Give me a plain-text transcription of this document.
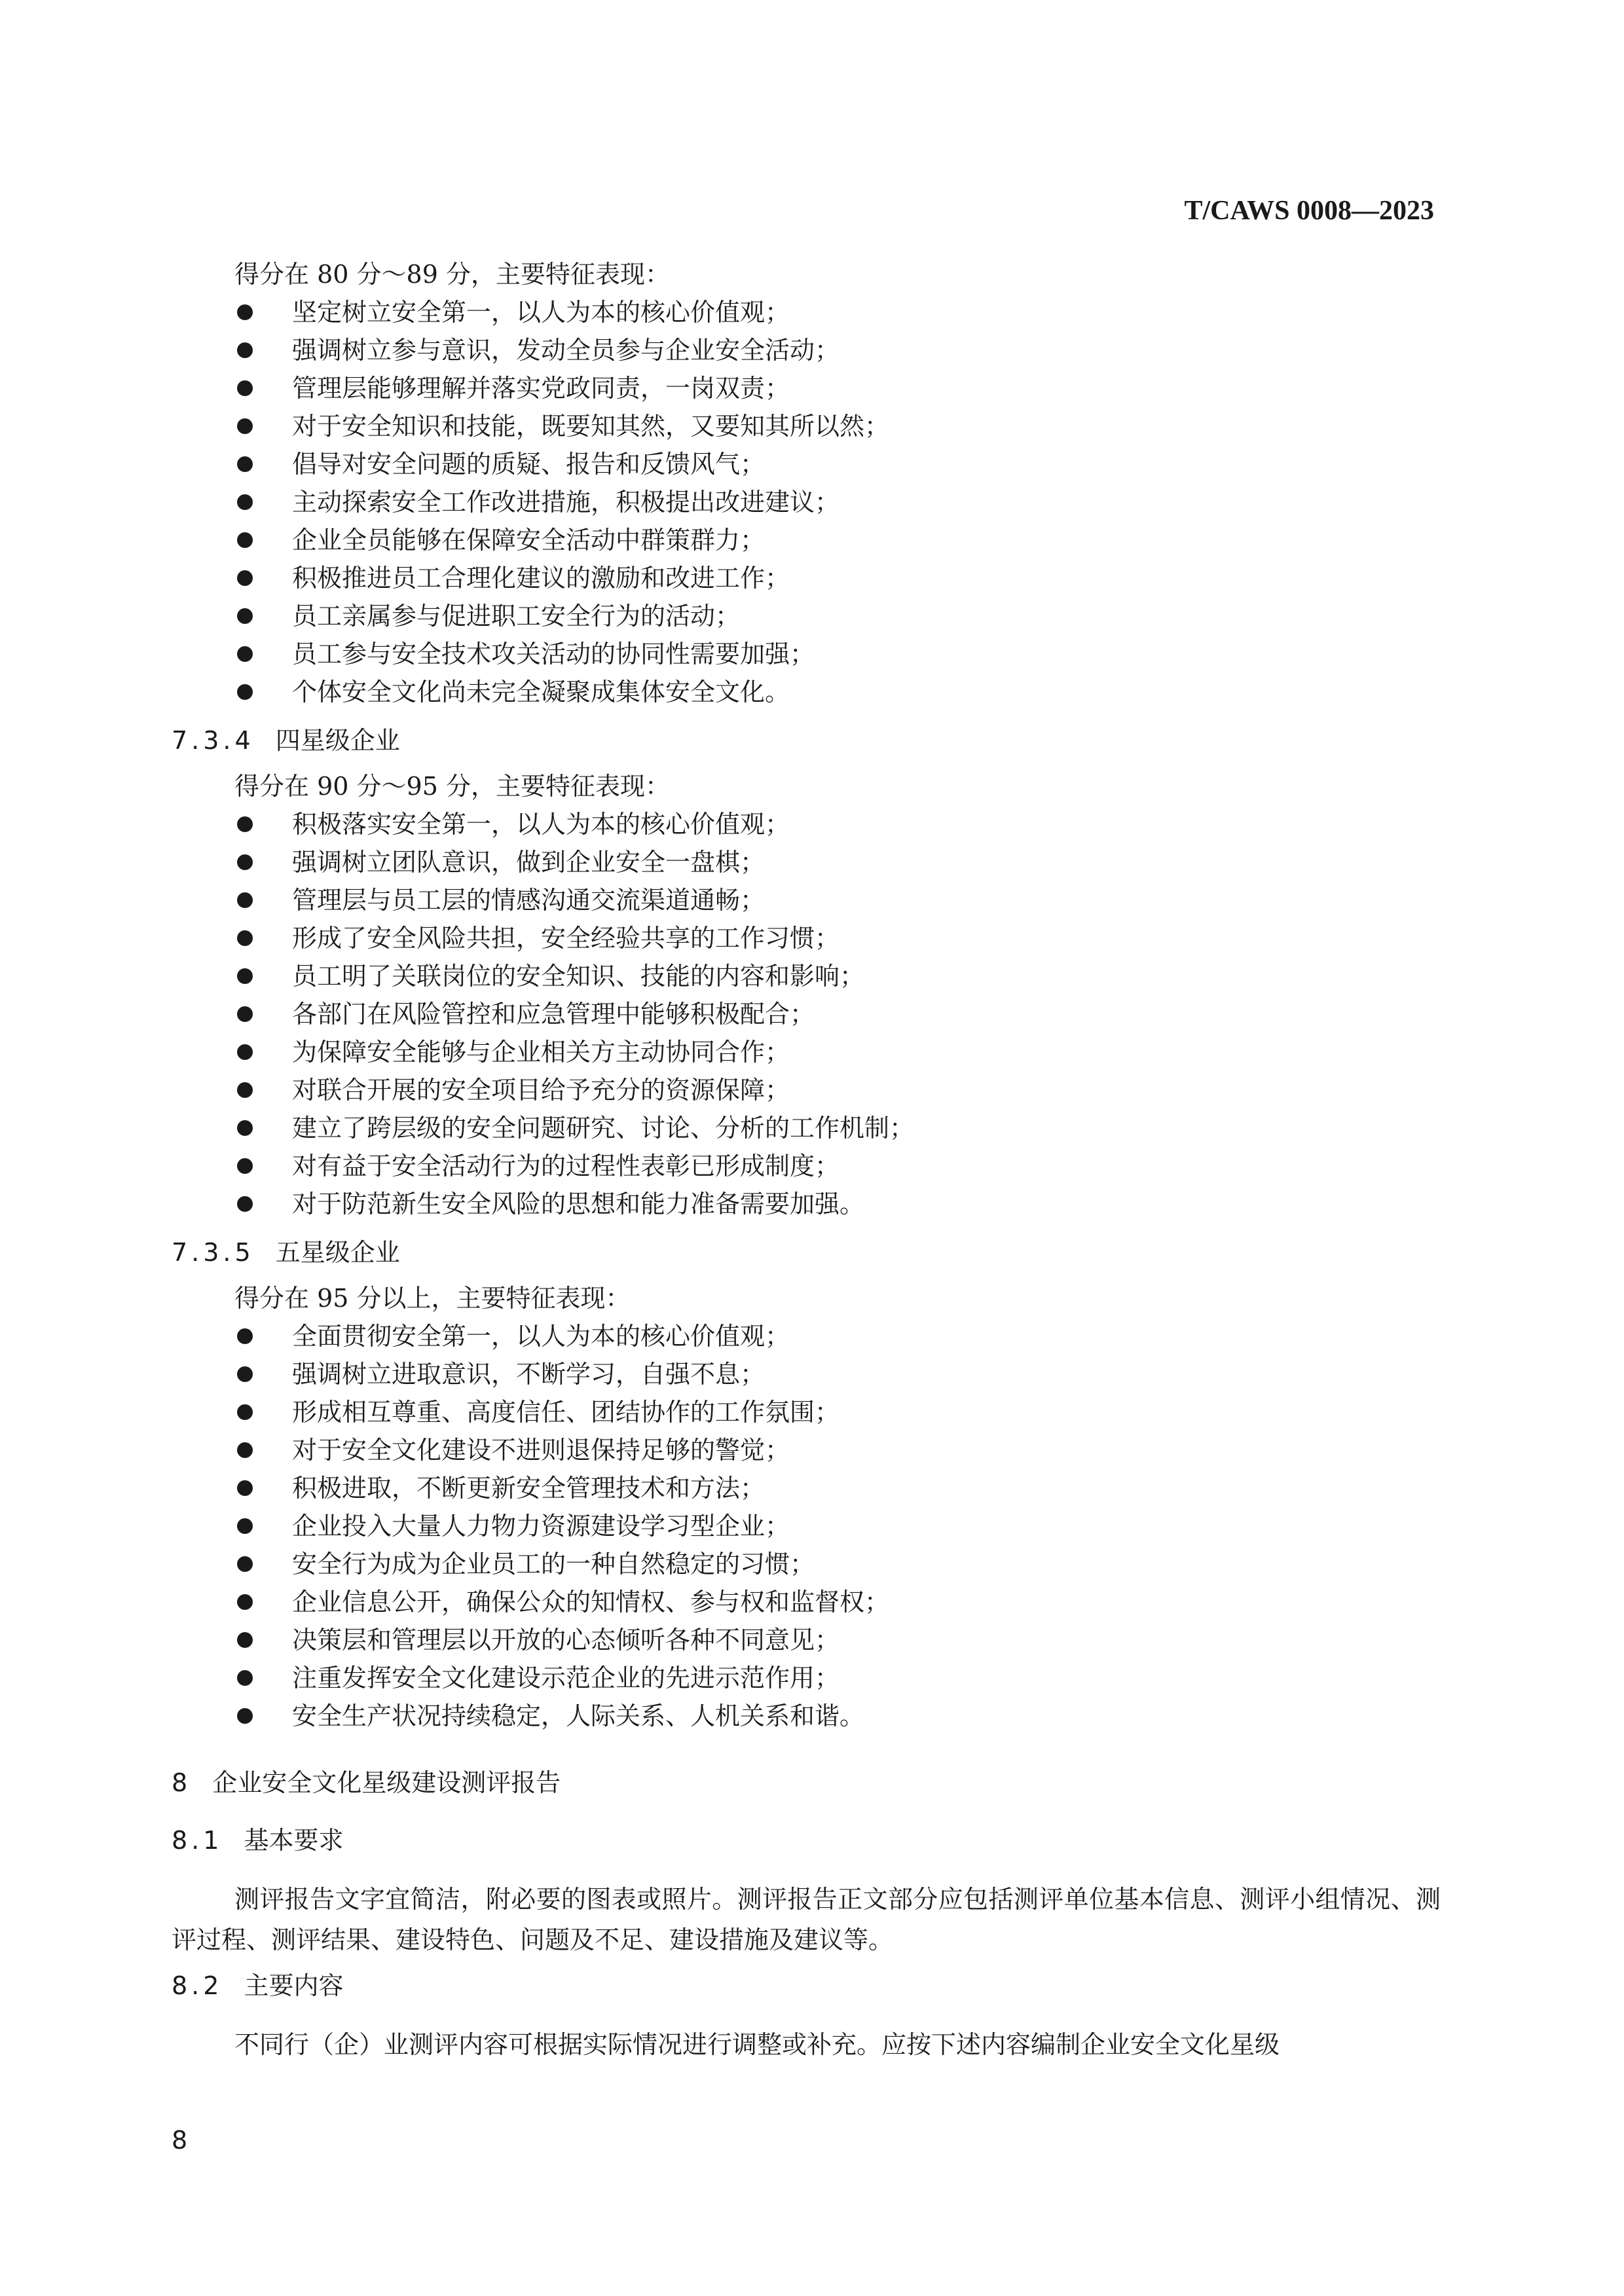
T/CAWS 0008—2023

得分在 80 分～89 分，主要特征表现：

坚定树立安全第一，以人为本的核心价值观；
强调树立参与意识，发动全员参与企业安全活动；
管理层能够理解并落实党政同责，一岗双责；
对于安全知识和技能，既要知其然，又要知其所以然；
倡导对安全问题的质疑、报告和反馈风气；
主动探索安全工作改进措施，积极提出改进建议；
企业全员能够在保障安全活动中群策群力；
积极推进员工合理化建议的激励和改进工作；
员工亲属参与促进职工安全行为的活动；
员工参与安全技术攻关活动的协同性需要加强；
个体安全文化尚未完全凝聚成集体安全文化。
7.3.4 四星级企业

得分在 90 分～95 分，主要特征表现：

积极落实安全第一，以人为本的核心价值观；
强调树立团队意识，做到企业安全一盘棋；
管理层与员工层的情感沟通交流渠道通畅；
形成了安全风险共担，安全经验共享的工作习惯；
员工明了关联岗位的安全知识、技能的内容和影响；
各部门在风险管控和应急管理中能够积极配合；
为保障安全能够与企业相关方主动协同合作；
对联合开展的安全项目给予充分的资源保障；
建立了跨层级的安全问题研究、讨论、分析的工作机制；
对有益于安全活动行为的过程性表彰已形成制度；
对于防范新生安全风险的思想和能力准备需要加强。
7.3.5 五星级企业

得分在 95 分以上，主要特征表现：

全面贯彻安全第一，以人为本的核心价值观；
强调树立进取意识，不断学习，自强不息；
形成相互尊重、高度信任、团结协作的工作氛围；
对于安全文化建设不进则退保持足够的警觉；
积极进取，不断更新安全管理技术和方法；
企业投入大量人力物力资源建设学习型企业；
安全行为成为企业员工的一种自然稳定的习惯；
企业信息公开，确保公众的知情权、参与权和监督权；
决策层和管理层以开放的心态倾听各种不同意见；
注重发挥安全文化建设示范企业的先进示范作用；
安全生产状况持续稳定，人际关系、人机关系和谐。
8 企业安全文化星级建设测评报告
8.1 基本要求

测评报告文字宜简洁，附必要的图表或照片。测评报告正文部分应包括测评单位基本信息、测评小组情况、测评过程、测评结果、建设特色、问题及不足、建设措施及建议等。

8.2 主要内容

不同行（企）业测评内容可根据实际情况进行调整或补充。应按下述内容编制企业安全文化星级

8
